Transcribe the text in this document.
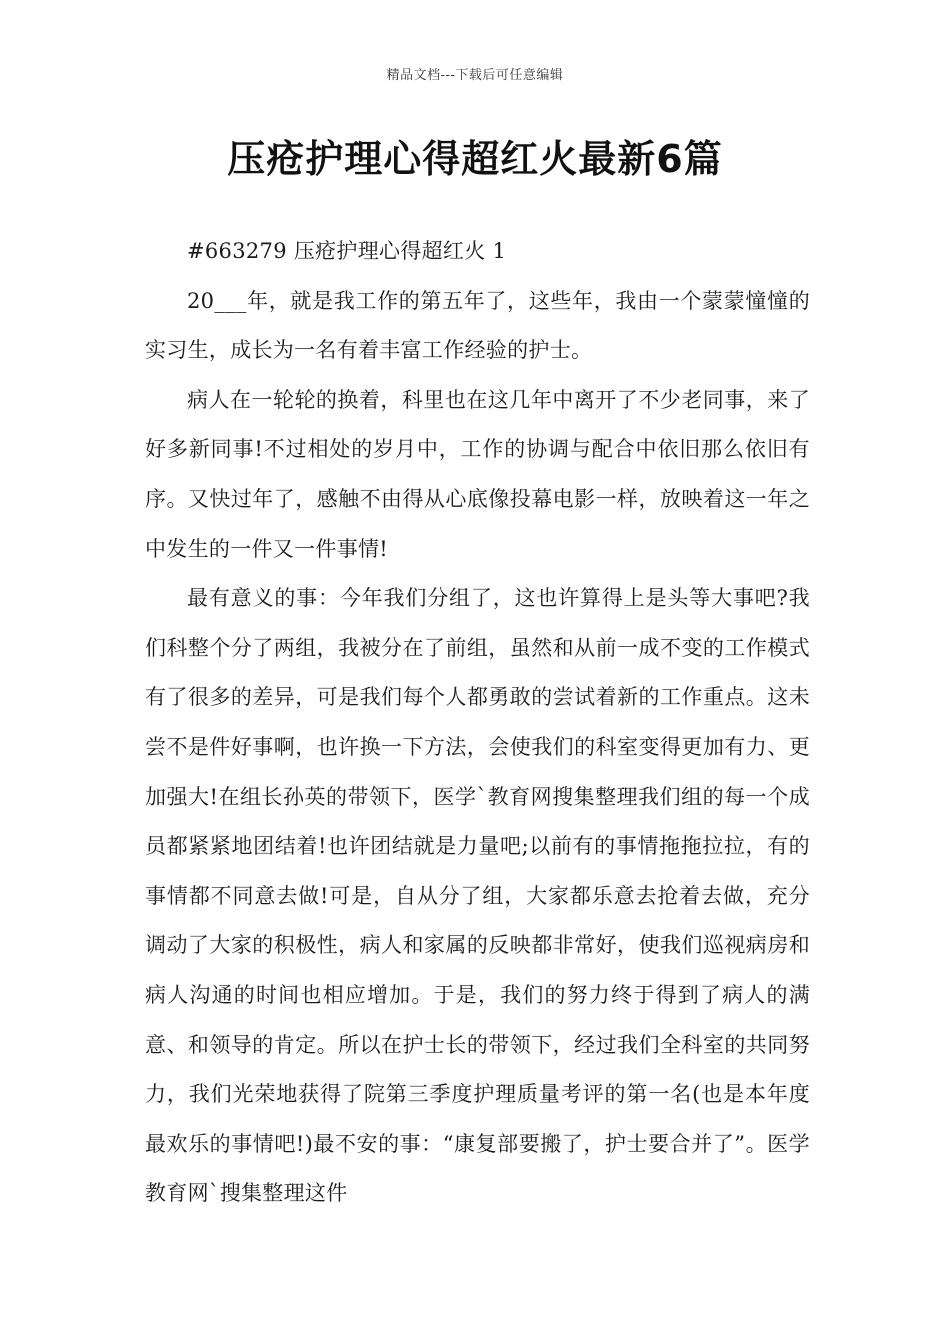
精品文档---下载后可任意编辑
压疮护理心得超红火最新6篇

#663279 压疮护理心得超红火 1

20___年，就是我工作的第五年了，这些年，我由一个蒙蒙憧憧的实习生，成长为一名有着丰富工作经验的护士。

病人在一轮轮的换着，科里也在这几年中离开了不少老同事，来了好多新同事!不过相处的岁月中，工作的协调与配合中依旧那么依旧有序。又快过年了，感触不由得从心底像投幕电影一样，放映着这一年之中发生的一件又一件事情!

最有意义的事：今年我们分组了，这也许算得上是头等大事吧?我们科整个分了两组，我被分在了前组，虽然和从前一成不变的工作模式有了很多的差异，可是我们每个人都勇敢的尝试着新的工作重点。这未尝不是件好事啊，也许换一下方法，会使我们的科室变得更加有力、更加强大!在组长孙英的带领下，医学`教育网搜集整理我们组的每一个成员都紧紧地团结着!也许团结就是力量吧;以前有的事情拖拖拉拉，有的事情都不同意去做!可是，自从分了组，大家都乐意去抢着去做，充分调动了大家的积极性，病人和家属的反映都非常好，使我们巡视病房和病人沟通的时间也相应增加。于是，我们的努力终于得到了病人的满意、和领导的肯定。所以在护士长的带领下，经过我们全科室的共同努力，我们光荣地获得了院第三季度护理质量考评的第一名(也是本年度最欢乐的事情吧!)最不安的事：“康复部要搬了，护士要合并了”。医学教育网`搜集整理这件
